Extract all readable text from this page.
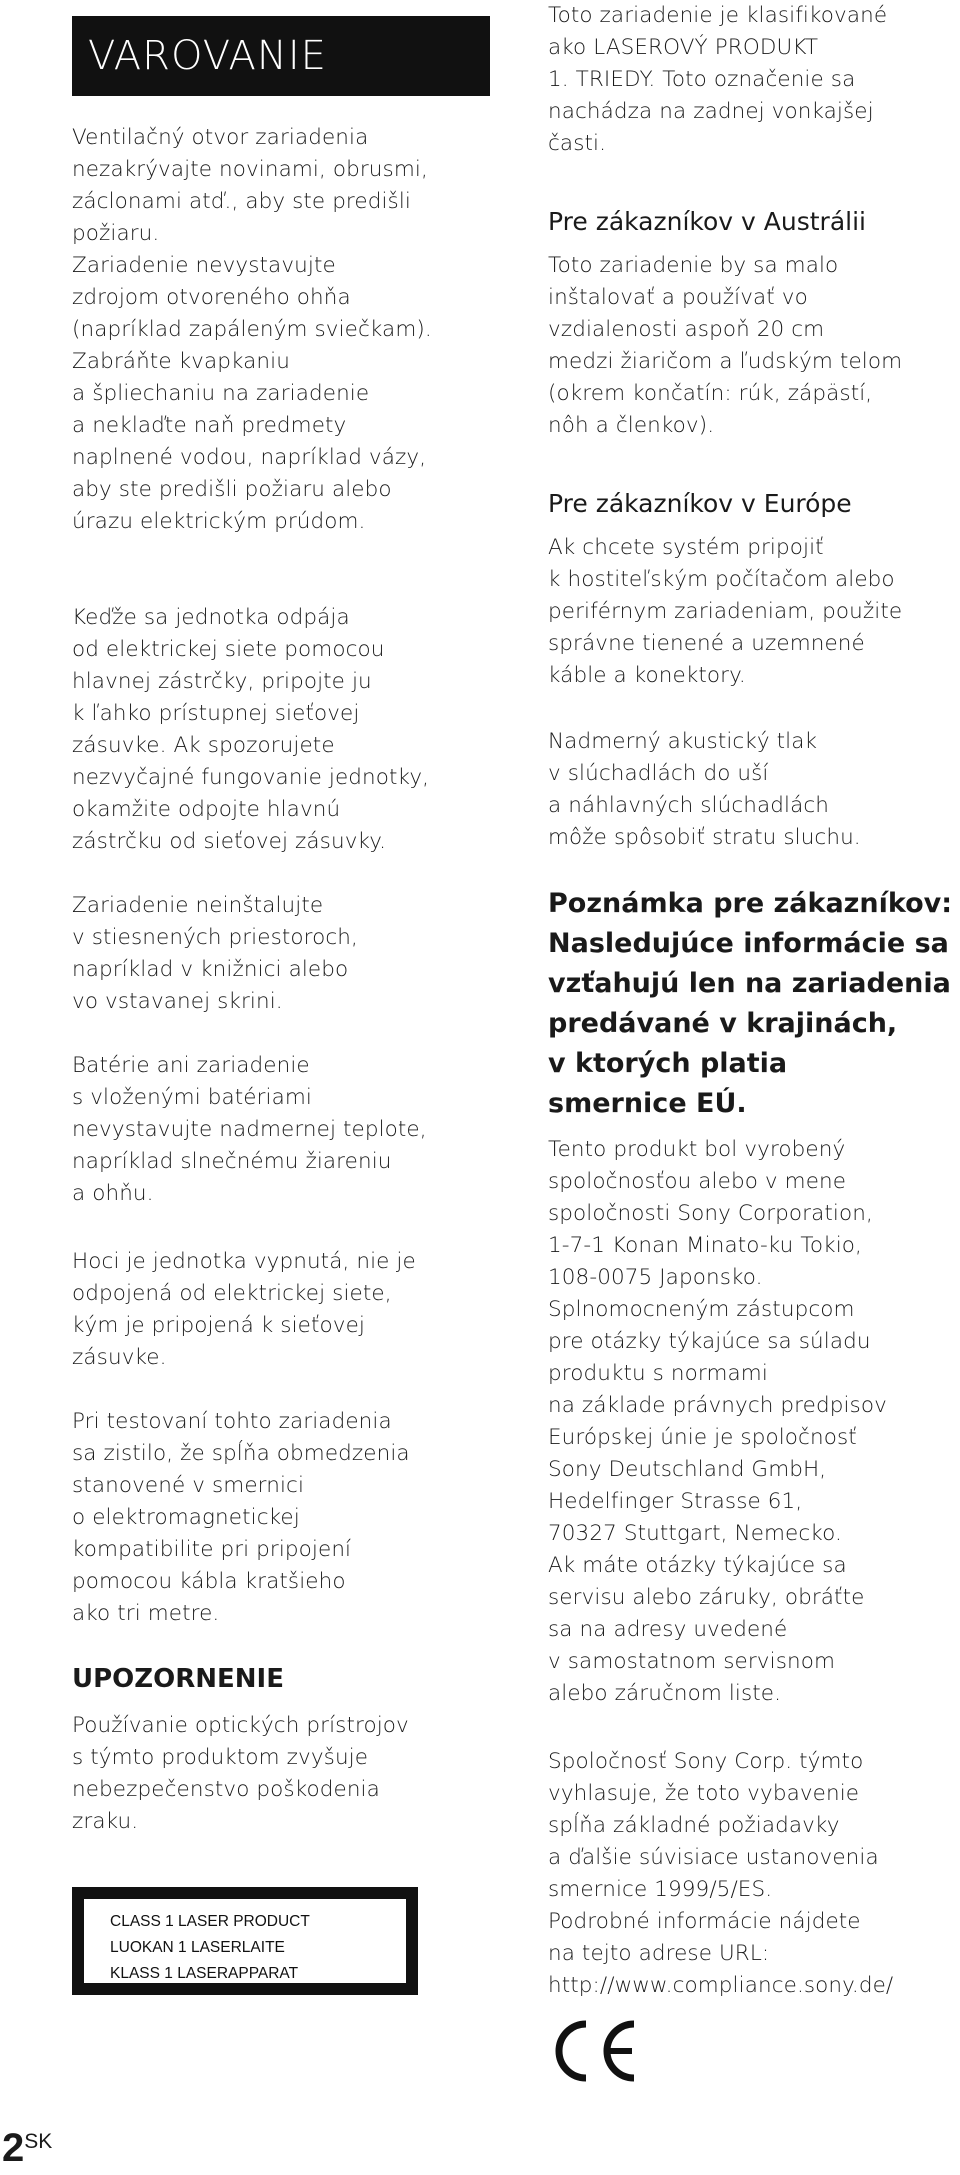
VAROVANIE

Ventilačný otvor zariadenia
nezakrývajte novinami, obrusmi,
záclonami atď., aby ste predišli
požiaru.
Zariadenie nevystavujte
zdrojom otvoreného ohňa
(napríklad zapáleným sviečkam).

Zabráňte kvapkaniu
a špliechaniu na zariadenie
a neklaďte naň predmety
naplnené vodou, napríklad vázy,
aby ste predišli požiaru alebo
úrazu elektrickým prúdom.

Keďže sa jednotka odpája
od elektrickej siete pomocou
hlavnej zástrčky, pripojte ju
k ľahko prístupnej sieťovej
zásuvke. Ak spozorujete
nezvyčajné fungovanie jednotky,
okamžite odpojte hlavnú
zástrčku od sieťovej zásuvky.

Zariadenie neinštalujte
v stiesnených priestoroch,
napríklad v knižnici alebo
vo vstavanej skrini.

Batérie ani zariadenie
s vloženými batériami
nevystavujte nadmernej teplote,
napríklad slnečnému žiareniu
a ohňu.

Hoci je jednotka vypnutá, nie je
odpojená od elektrickej siete,
kým je pripojená k sieťovej
zásuvke.

Pri testovaní tohto zariadenia
sa zistilo, že spĺňa obmedzenia
stanovené v smernici
o elektromagnetickej
kompatibilite pri pripojení
pomocou kábla kratšieho
ako tri metre.

UPOZORNENIE

Používanie optických prístrojov
s týmto produktom zvyšuje
nebezpečenstvo poškodenia
zraku.

CLASS 1 LASER PRODUCT
LUOKAN 1 LASERLAITE
KLASS 1 LASERAPPARAT

Toto zariadenie je klasifikované
ako LASEROVÝ PRODUKT
1. TRIEDY. Toto označenie sa
nachádza na zadnej vonkajšej
časti.

Pre zákazníkov v Austrálii

Toto zariadenie by sa malo
inštalovať a používať vo
vzdialenosti aspoň 20 cm
medzi žiaričom a ľudským telom
(okrem končatín: rúk, zápästí,
nôh a členkov).

Pre zákazníkov v Európe

Ak chcete systém pripojiť
k hostiteľským počítačom alebo
periférnym zariadeniam, použite
správne tienené a uzemnené
káble a konektory.

Nadmerný akustický tlak
v slúchadlách do uší
a náhlavných slúchadlách
môže spôsobiť stratu sluchu.

Poznámka pre zákazníkov:
Nasledujúce informácie sa
vzťahujú len na zariadenia
predávané v krajinách,
v ktorých platia
smernice EÚ.

Tento produkt bol vyrobený
spoločnosťou alebo v mene
spoločnosti Sony Corporation,
1-7-1 Konan Minato-ku Tokio,
108-0075 Japonsko.
Splnomocneným zástupcom
pre otázky týkajúce sa súladu
produktu s normami
na základe právnych predpisov
Európskej únie je spoločnosť
Sony Deutschland GmbH,
Hedelfinger Strasse 61,
70327 Stuttgart, Nemecko.
Ak máte otázky týkajúce sa
servisu alebo záruky, obráťte
sa na adresy uvedené
v samostatnom servisnom
alebo záručnom liste.

Spoločnosť Sony Corp. týmto
vyhlasuje, že toto vybavenie
spĺňa základné požiadavky
a ďalšie súvisiace ustanovenia
smernice 1999/5/ES.
Podrobné informácie nájdete
na tejto adrese URL:
http://www.compliance.sony.de/

$2^{SK}$
